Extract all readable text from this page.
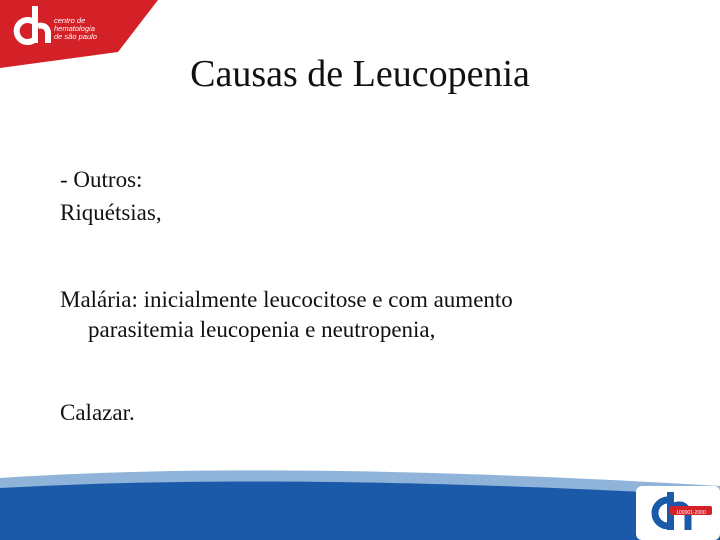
centro de
hematologia
de são paulo
Causas de Leucopenia
- Outros:
Riquétsias,
Malária: inicialmente leucocitose e com aumento
parasitemia leucopenia e neutropenia,
Calazar.
100001-2000
